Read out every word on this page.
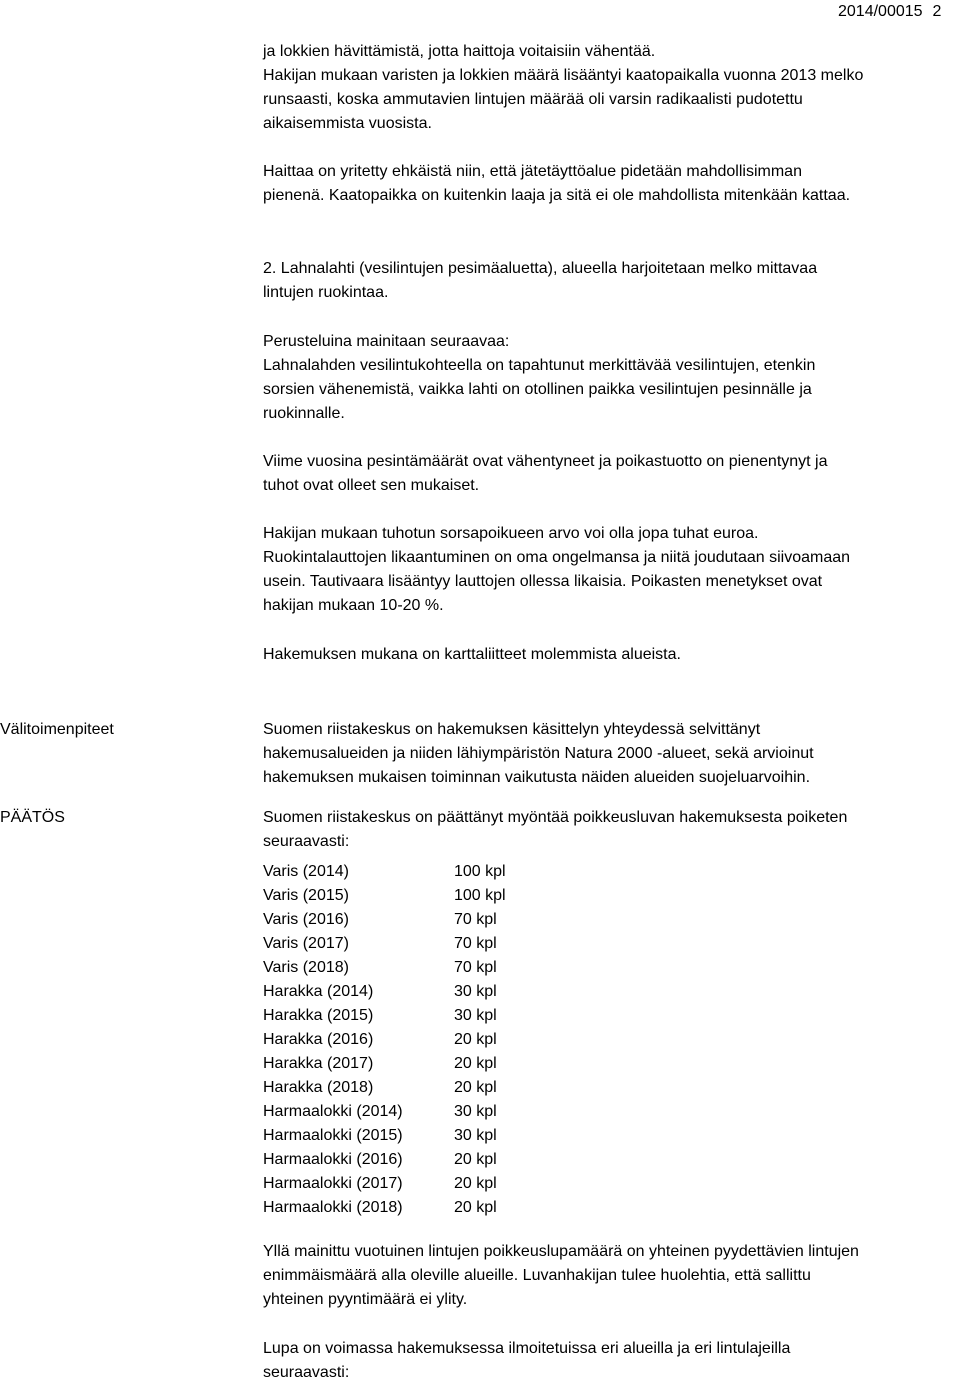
2014/00015 2

ja lokkien hävittämistä, jotta haittoja voitaisiin vähentää.
Hakijan mukaan varisten ja lokkien määrä lisääntyi kaatopaikalla vuonna 2013 melko
runsaasti, koska ammutavien lintujen määrää oli varsin radikaalisti pudotettu
aikaisemmista vuosista.

Haittaa on yritetty ehkäistä niin, että jätetäyttöalue pidetään mahdollisimman
pienenä. Kaatopaikka on kuitenkin laaja ja sitä ei ole mahdollista mitenkään kattaa.

2. Lahnalahti (vesilintujen pesimäaluetta), alueella harjoitetaan melko mittavaa
lintujen ruokintaa.

Perusteluina mainitaan seuraavaa:
Lahnalahden vesilintukohteella on tapahtunut merkittävää vesilintujen, etenkin
sorsien vähenemistä, vaikka lahti on otollinen paikka vesilintujen pesinnälle ja
ruokinnalle.

Viime vuosina pesintämäärät ovat vähentyneet ja poikastuotto on pienentynyt ja
tuhot ovat olleet sen mukaiset.

Hakijan mukaan tuhotun sorsapoikueen arvo voi olla jopa tuhat euroa.
Ruokintalauttojen likaantuminen on oma ongelmansa ja niitä joudutaan siivoamaan
usein. Tautivaara lisääntyy lauttojen ollessa likaisia. Poikasten menetykset ovat
hakijan mukaan 10-20 %.

Hakemuksen mukana on karttaliitteet molemmista alueista.

Välitoimenpiteet	Suomen riistakeskus on hakemuksen käsittelyn yhteydessä selvittänyt
hakemusalueiden ja niiden lähiympäristön Natura 2000 -alueet, sekä arvioinut
hakemuksen mukaisen toiminnan vaikutusta näiden alueiden suojeluarvoihin.

PÄÄTÖS	Suomen riistakeskus on päättänyt myöntää poikkeusluvan hakemuksesta poiketen
seuraavasti:

Varis (2014)	100 kpl
Varis (2015)	100 kpl
Varis (2016)	70 kpl
Varis (2017)	70 kpl
Varis (2018)	70 kpl
Harakka (2014)	30 kpl
Harakka (2015)	30 kpl
Harakka (2016)	20 kpl
Harakka (2017)	20 kpl
Harakka (2018)	20 kpl
Harmaalokki (2014)	30 kpl
Harmaalokki (2015)	30 kpl
Harmaalokki (2016)	20 kpl
Harmaalokki (2017)	20 kpl
Harmaalokki (2018)	20 kpl

Yllä mainittu vuotuinen lintujen poikkeuslupamäärä on yhteinen pyydettävien lintujen
enimmäismäärä alla oleville alueille. Luvanhakijan tulee huolehtia, että sallittu
yhteinen pyyntimäärä ei ylity.

Lupa on voimassa hakemuksessa ilmoitetuissa eri alueilla ja eri lintulajeilla
seuraavasti:
